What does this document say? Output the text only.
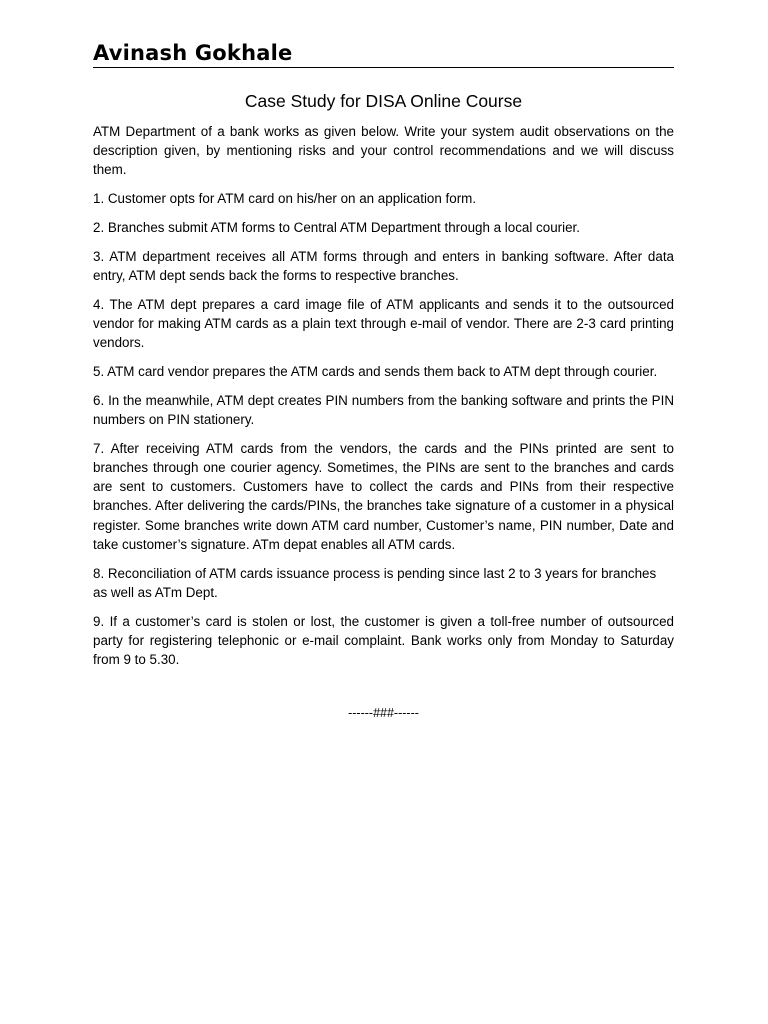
Avinash Gokhale
Case Study for DISA Online Course

ATM Department of a bank works as given below. Write your system audit observations on the description given, by mentioning risks and your control recommendations and we will discuss them.

1. Customer opts for ATM card on his/her on an application form.

2. Branches submit ATM forms to Central ATM Department through a local courier.

3. ATM department receives all ATM forms through and enters in banking software. After data entry, ATM dept sends back the forms to respective branches.

4. The ATM dept prepares a card image file of ATM applicants and sends it to the outsourced vendor for making ATM cards as a plain text through e-mail of vendor. There are 2-3 card printing vendors.

5. ATM card vendor prepares the ATM cards and sends them back to ATM dept through courier.

6. In the meanwhile, ATM dept creates PIN numbers from the banking software and prints the PIN numbers on PIN stationery.

7. After receiving ATM cards from the vendors, the cards and the PINs printed are sent to branches through one courier agency. Sometimes, the PINs are sent to the branches and cards are sent to customers. Customers have to collect the cards and PINs from their respective branches. After delivering the cards/PINs, the branches take signature of a customer in a physical register. Some branches write down ATM card number, Customer’s name, PIN number, Date and take customer’s signature. ATm depat enables all ATM cards.

8. Reconciliation of ATM cards issuance process is pending since last 2 to 3 years for branches as well as ATm Dept.

9. If a customer’s card is stolen or lost, the customer is given a toll-free number of outsourced party for registering telephonic or e-mail complaint. Bank works only from Monday to Saturday from 9 to 5.30.

------###------
